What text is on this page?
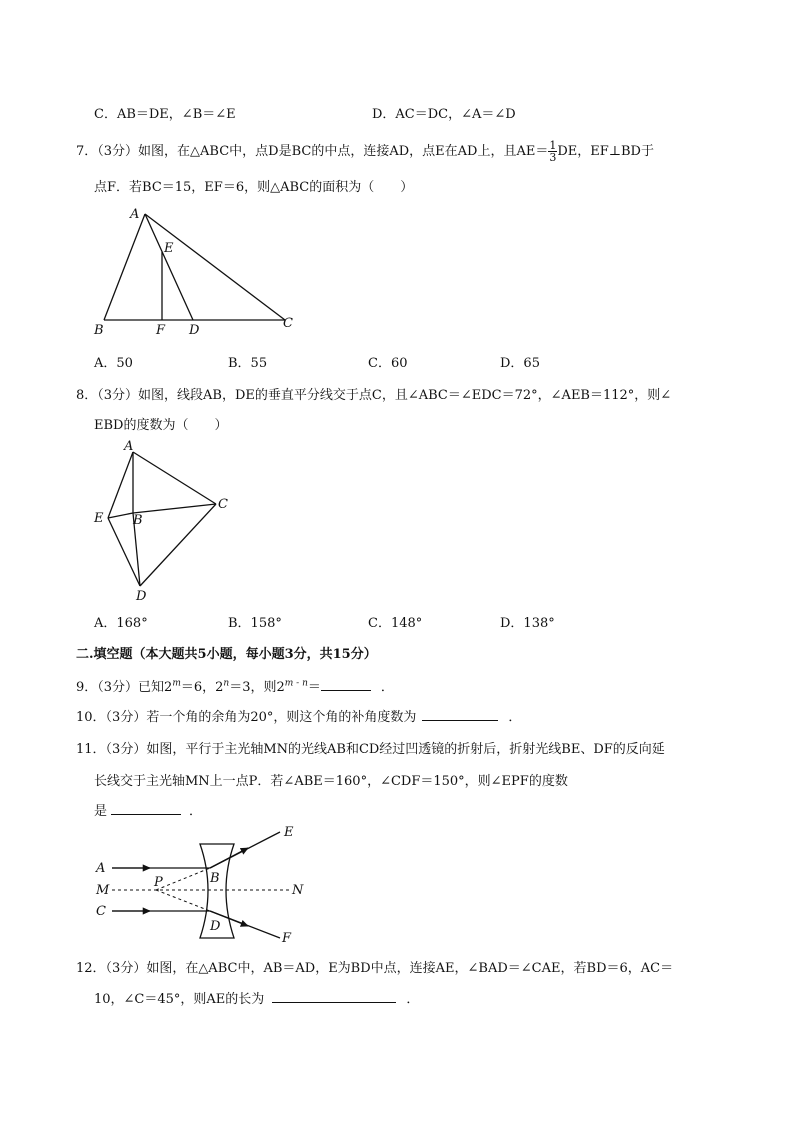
C．AB＝DE，∠B＝∠E	D．AC＝DC，∠A＝∠D
7．（3分）如图，在△ABC中，点D是BC的中点，连接AD，点E在AD上，且$AE= \frac{1}{3}$ DE，EF⊥BD于
点F．若BC＝15，EF＝6，则△ABC的面积为（　　）
A
E
B	F D	C
A．50	B．55	C．60	D．65
8．（3分）如图，线段AB，DE的垂直平分线交于点C，且∠ABC＝∠EDC＝72°，∠AEB＝112°，则∠
EBD的度数为（　　）
A
E B
C
D
A．168°	B．158°	C．148°	D．138°
二.填空题（本大题共5小题，每小题3分，共15分）
9．（3分）已知$2^m=6$，$2^n=3$，则$2^{m - n}=$	．
10．（3分）若一个角的余角为20°，则这个角的补角度数为	．
11．（3分）如图，平行于主光轴MN的光线AB和CD经过凹透镜的折射后，折射光线BE、DF的反向延
长线交于主光轴MN上一点P．若∠ABE＝160°，∠CDF＝150°，则∠EPF的度数
是	．
A
M
C
P	B
D
E
N
F
12．（3分）如图，在△ABC中，AB＝AD，E为BD中点，连接AE，∠BAD＝∠CAE，若BD＝6，AC＝
10，∠C＝45°，则AE的长为	．
